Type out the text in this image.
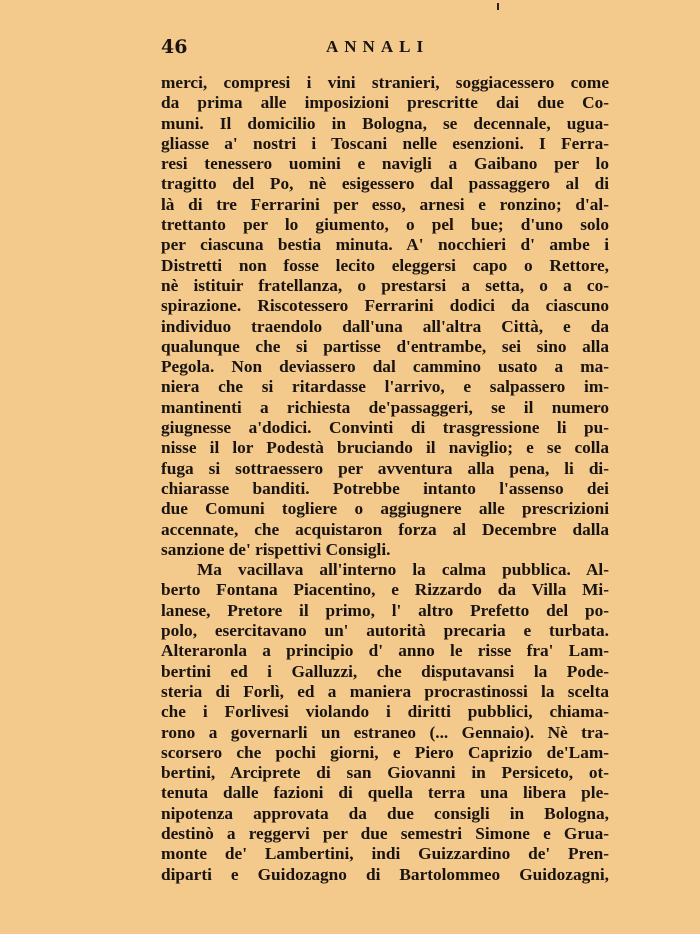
46	ANNALI
merci, compresi i vini stranieri, soggiacessero come
da prima alle imposizioni prescritte dai due Co-
muni. Il domicilio in Bologna, se decennale, ugua-
gliasse a' nostri i Toscani nelle esenzioni. I Ferra-
resi tenessero uomini e navigli a Gaibano per lo
tragitto del Po, nè esigessero dal passaggero al di
là di tre Ferrarini per esso, arnesi e ronzino; d'al-
trettanto per lo giumento, o pel bue; d'uno solo
per ciascuna bestia minuta. A' nocchieri d' ambe i
Distretti non fosse lecito eleggersi capo o Rettore,
nè istituir fratellanza, o prestarsi a setta, o a co-
spirazione. Riscotessero Ferrarini dodici da ciascuno
individuo traendolo dall'una all'altra Città, e da
qualunque che si partisse d'entrambe, sei sino alla
Pegola. Non deviassero dal cammino usato a ma-
niera che si ritardasse l'arrivo, e salpassero im-
mantinenti a richiesta de'passaggeri, se il numero
giugnesse a'dodici. Convinti di trasgressione li pu-
nisse il lor Podestà bruciando il naviglio; e se colla
fuga si sottraessero per avventura alla pena, li di-
chiarasse banditi. Potrebbe intanto l'assenso dei
due Comuni togliere o aggiugnere alle prescrizioni
accennate, che acquistaron forza al Decembre dalla
sanzione de' rispettivi Consigli.
Ma vacillava all'interno la calma pubblica. Al-
berto Fontana Piacentino, e Rizzardo da Villa Mi-
lanese, Pretore il primo, l' altro Prefetto del po-
polo, esercitavano un' autorità precaria e turbata.
Alteraronla a principio d' anno le risse fra' Lam-
bertini ed i Galluzzi, che disputavansi la Pode-
steria di Forlì, ed a maniera procrastinossi la scelta
che i Forlivesi violando i diritti pubblici, chiama-
rono a governarli un estraneo (... Gennaio). Nè tra-
scorsero che pochi giorni, e Piero Caprizio de'Lam-
bertini, Arciprete di san Giovanni in Persiceto, ot-
tenuta dalle fazioni di quella terra una libera ple-
nipotenza approvata da due consigli in Bologna,
destinò a reggervi per due semestri Simone e Grua-
monte de' Lambertini, indi Guizzardino de' Pren-
diparti e Guidozagno di Bartolommeo Guidozagni,
